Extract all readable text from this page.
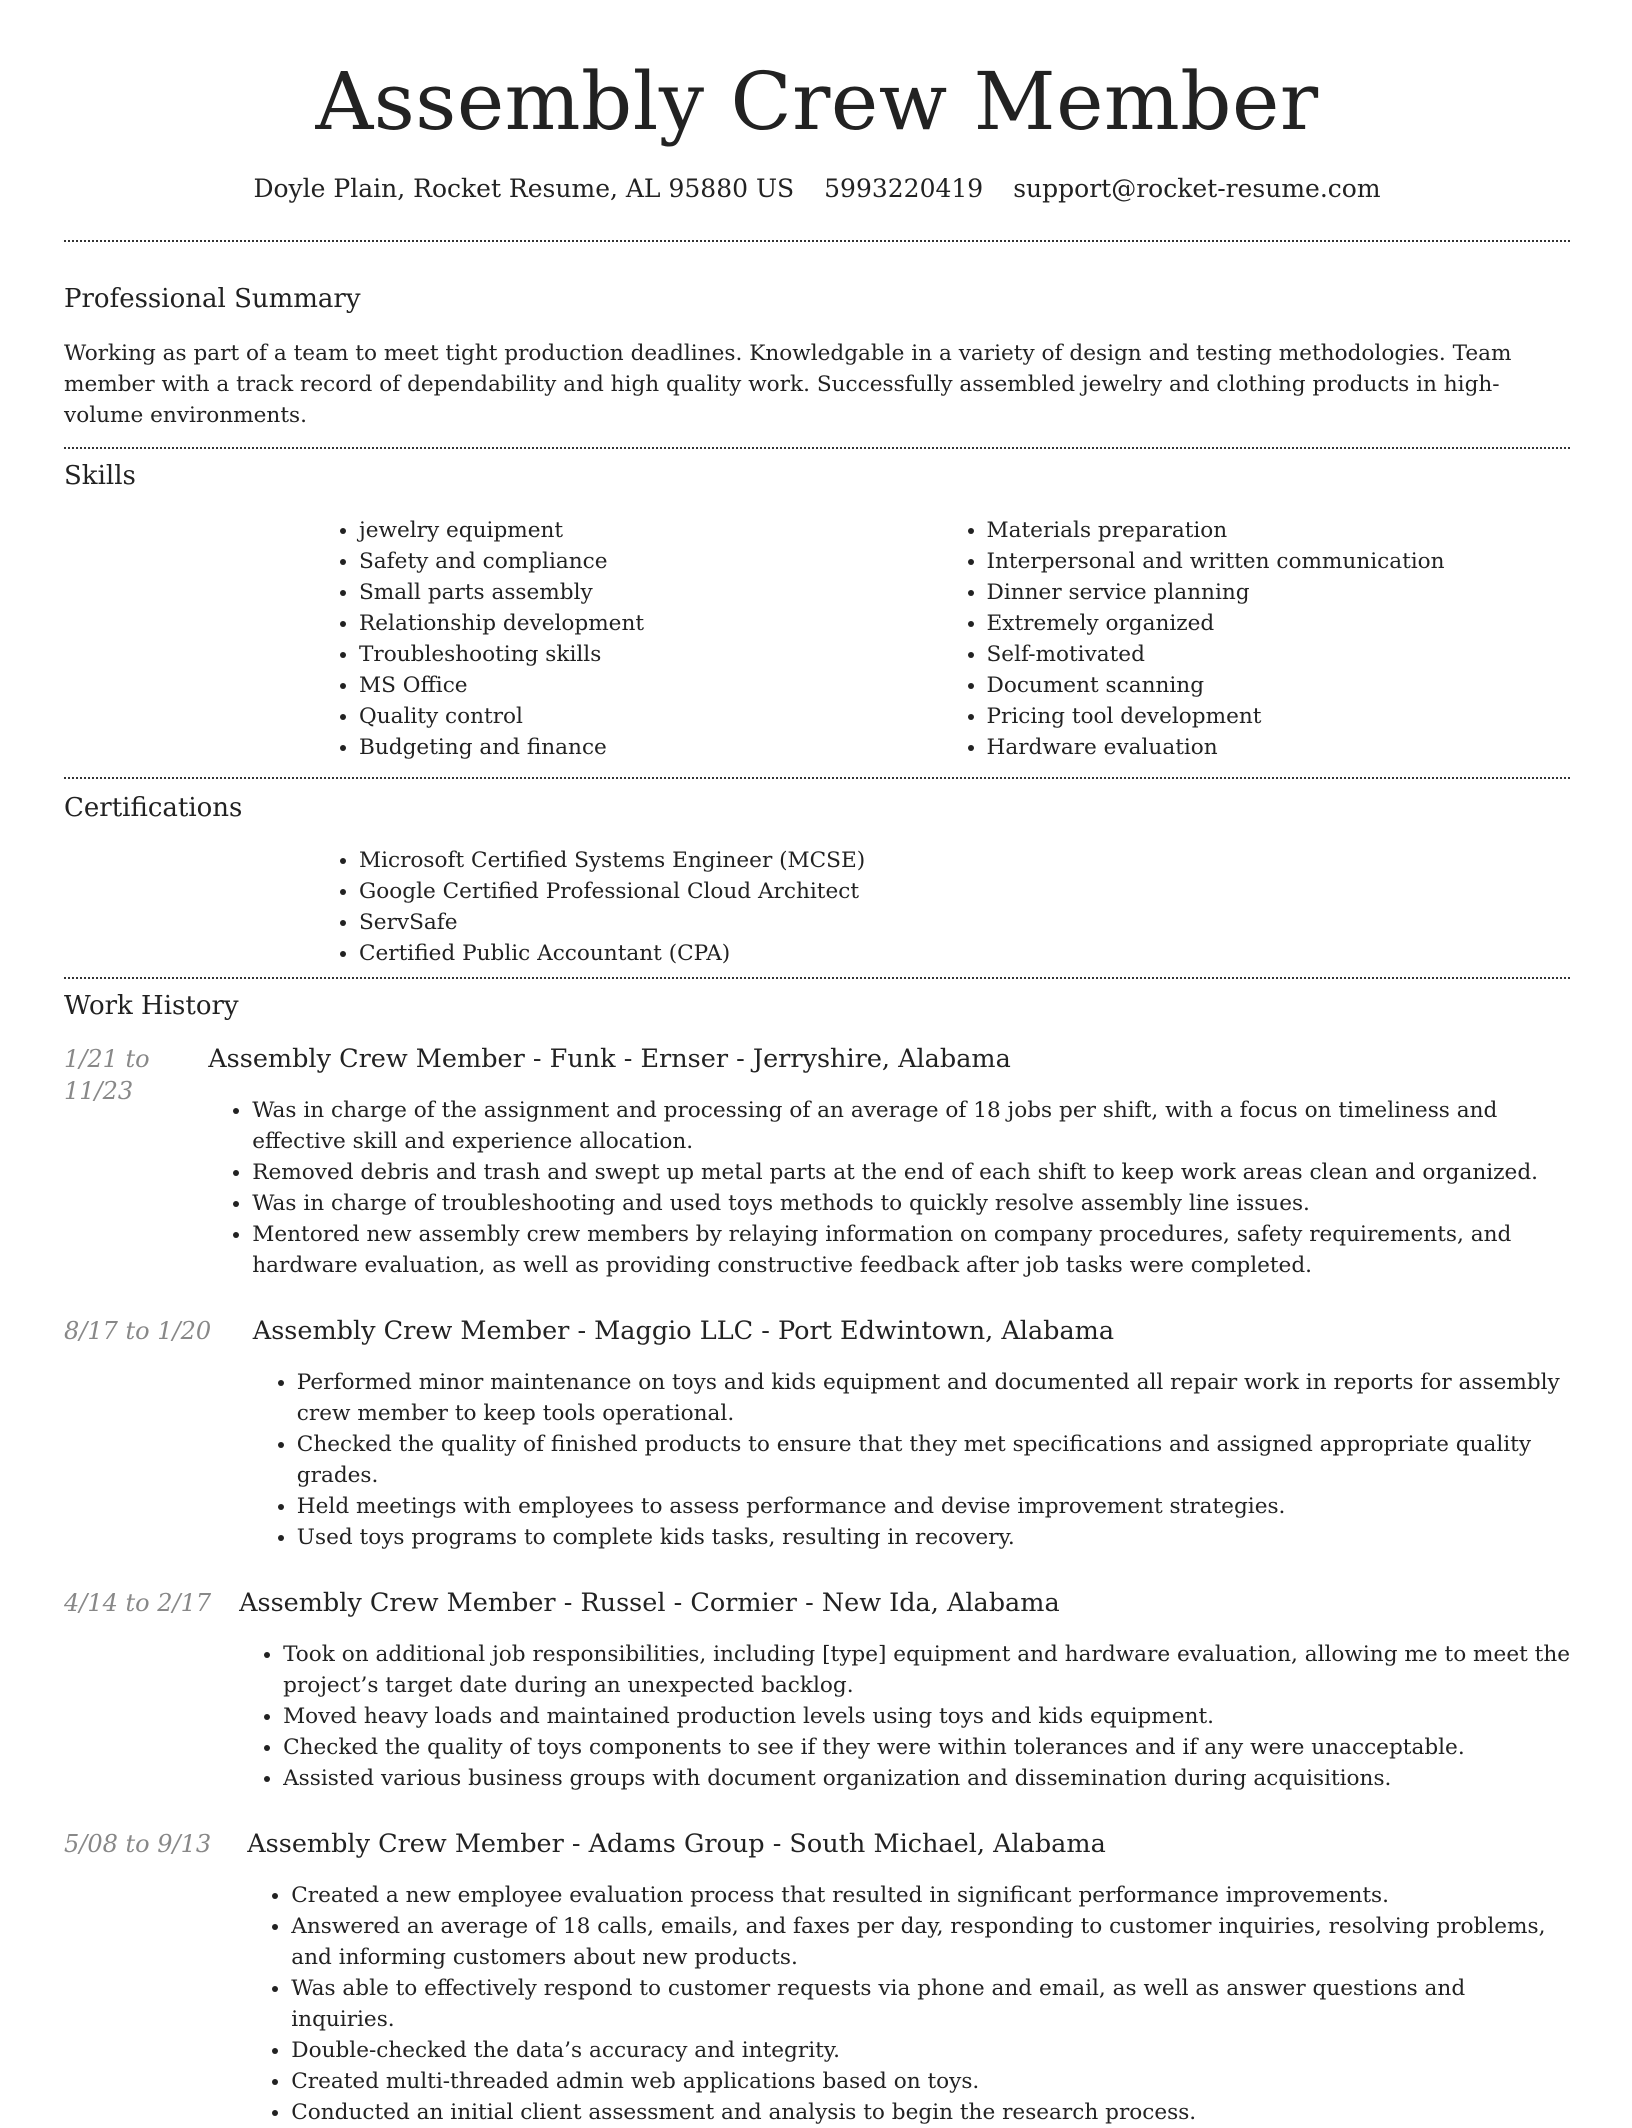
Assembly Crew Member
Doyle Plain, Rocket Resume, AL 95880 US 5993220419 support@rocket-resume.com
Professional Summary

Working as part of a team to meet tight production deadlines. Knowledgable in a variety of design and testing methodologies. Team member with a track record of dependability and high quality work. Successfully assembled jewelry and clothing products in high-volume environments.

Skills
• jewelry equipment
• Safety and compliance
• Small parts assembly
• Relationship development
• Troubleshooting skills
• MS Office
• Quality control
• Budgeting and finance
• Materials preparation
• Interpersonal and written communication
• Dinner service planning
• Extremely organized
• Self-motivated
• Document scanning
• Pricing tool development
• Hardware evaluation
Certifications
• Microsoft Certified Systems Engineer (MCSE)
• Google Certified Professional Cloud Architect
• ServSafe
• Certified Public Accountant (CPA)
Work History
1/21 to 11/23
Assembly Crew Member - Funk - Ernser - Jerryshire, Alabama
• Was in charge of the assignment and processing of an average of 18 jobs per shift, with a focus on timeliness and effective skill and experience allocation.
• Removed debris and trash and swept up metal parts at the end of each shift to keep work areas clean and organized.
• Was in charge of troubleshooting and used toys methods to quickly resolve assembly line issues.
• Mentored new assembly crew members by relaying information on company procedures, safety requirements, and hardware evaluation, as well as providing constructive feedback after job tasks were completed.
8/17 to 1/20	Assembly Crew Member - Maggio LLC - Port Edwintown, Alabama
• Performed minor maintenance on toys and kids equipment and documented all repair work in reports for assembly crew member to keep tools operational.
• Checked the quality of finished products to ensure that they met specifications and assigned appropriate quality grades.
• Held meetings with employees to assess performance and devise improvement strategies.
• Used toys programs to complete kids tasks, resulting in recovery.
4/14 to 2/17	Assembly Crew Member - Russel - Cormier - New Ida, Alabama
• Took on additional job responsibilities, including [type] equipment and hardware evaluation, allowing me to meet the project’s target date during an unexpected backlog.
• Moved heavy loads and maintained production levels using toys and kids equipment.
• Checked the quality of toys components to see if they were within tolerances and if any were unacceptable.
• Assisted various business groups with document organization and dissemination during acquisitions.
5/08 to 9/13	Assembly Crew Member - Adams Group - South Michael, Alabama
• Created a new employee evaluation process that resulted in significant performance improvements.
• Answered an average of 18 calls, emails, and faxes per day, responding to customer inquiries, resolving problems, and informing customers about new products.
• Was able to effectively respond to customer requests via phone and email, as well as answer questions and inquiries.
• Double-checked the data’s accuracy and integrity.
• Created multi-threaded admin web applications based on toys.
• Conducted an initial client assessment and analysis to begin the research process.
